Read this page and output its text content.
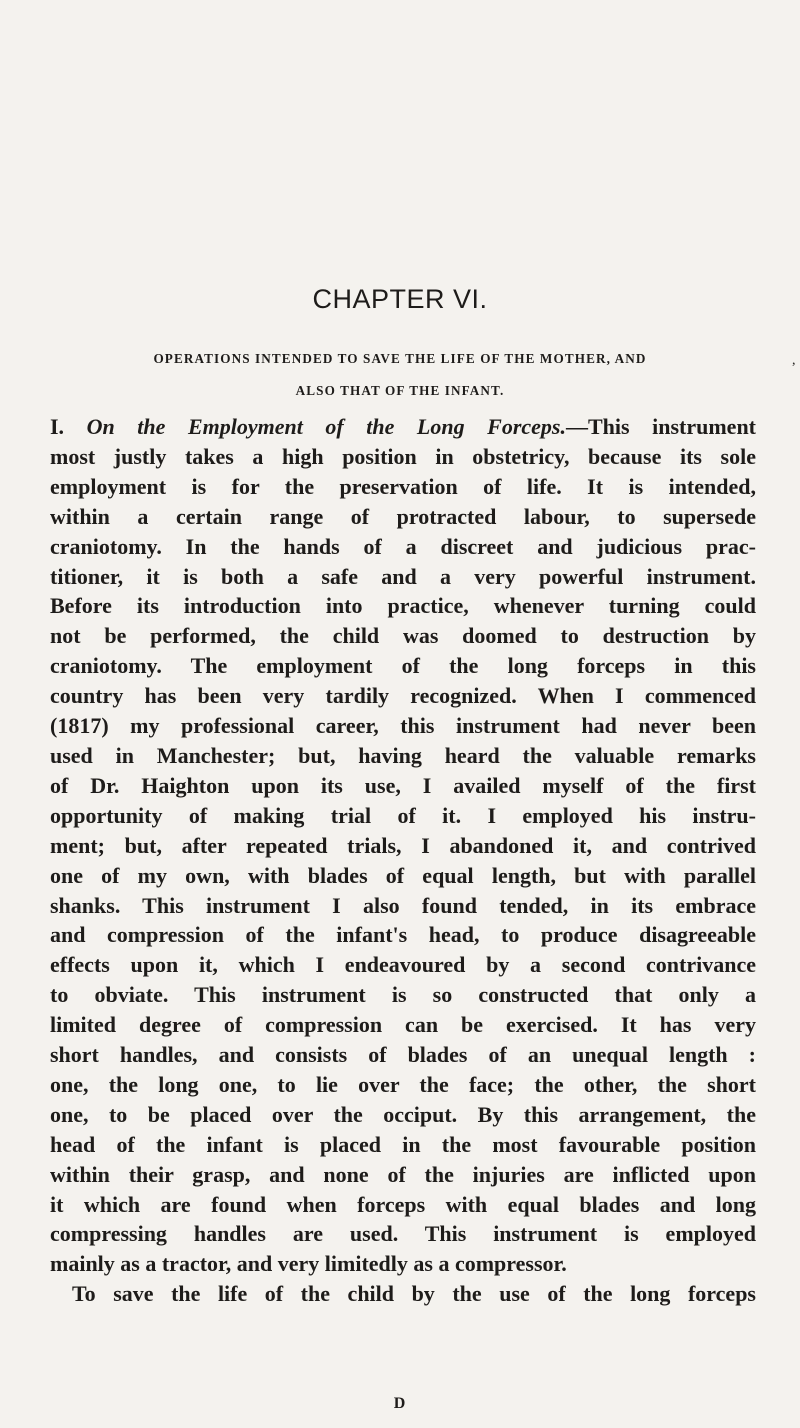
CHAPTER VI.
OPERATIONS INTENDED TO SAVE THE LIFE OF THE MOTHER, AND
ALSO THAT OF THE INFANT.
,
I. On the Employment of the Long Forceps.—This instrument
most justly takes a high position in obstetricy, because its sole
employment is for the preservation of life. It is intended,
within a certain range of protracted labour, to supersede
craniotomy. In the hands of a discreet and judicious prac-
titioner, it is both a safe and a very powerful instrument.
Before its introduction into practice, whenever turning could
not be performed, the child was doomed to destruction by
craniotomy. The employment of the long forceps in this
country has been very tardily recognized. When I commenced
(1817) my professional career, this instrument had never been
used in Manchester; but, having heard the valuable remarks
of Dr. Haighton upon its use, I availed myself of the first
opportunity of making trial of it. I employed his instru-
ment; but, after repeated trials, I abandoned it, and contrived
one of my own, with blades of equal length, but with parallel
shanks. This instrument I also found tended, in its embrace
and compression of the infant's head, to produce disagreeable
effects upon it, which I endeavoured by a second contrivance
to obviate. This instrument is so constructed that only a
limited degree of compression can be exercised. It has very
short handles, and consists of blades of an unequal length :
one, the long one, to lie over the face; the other, the short
one, to be placed over the occiput. By this arrangement, the
head of the infant is placed in the most favourable position
within their grasp, and none of the injuries are inflicted upon
it which are found when forceps with equal blades and long
compressing handles are used. This instrument is employed
mainly as a tractor, and very limitedly as a compressor.
To save the life of the child by the use of the long forceps
D
